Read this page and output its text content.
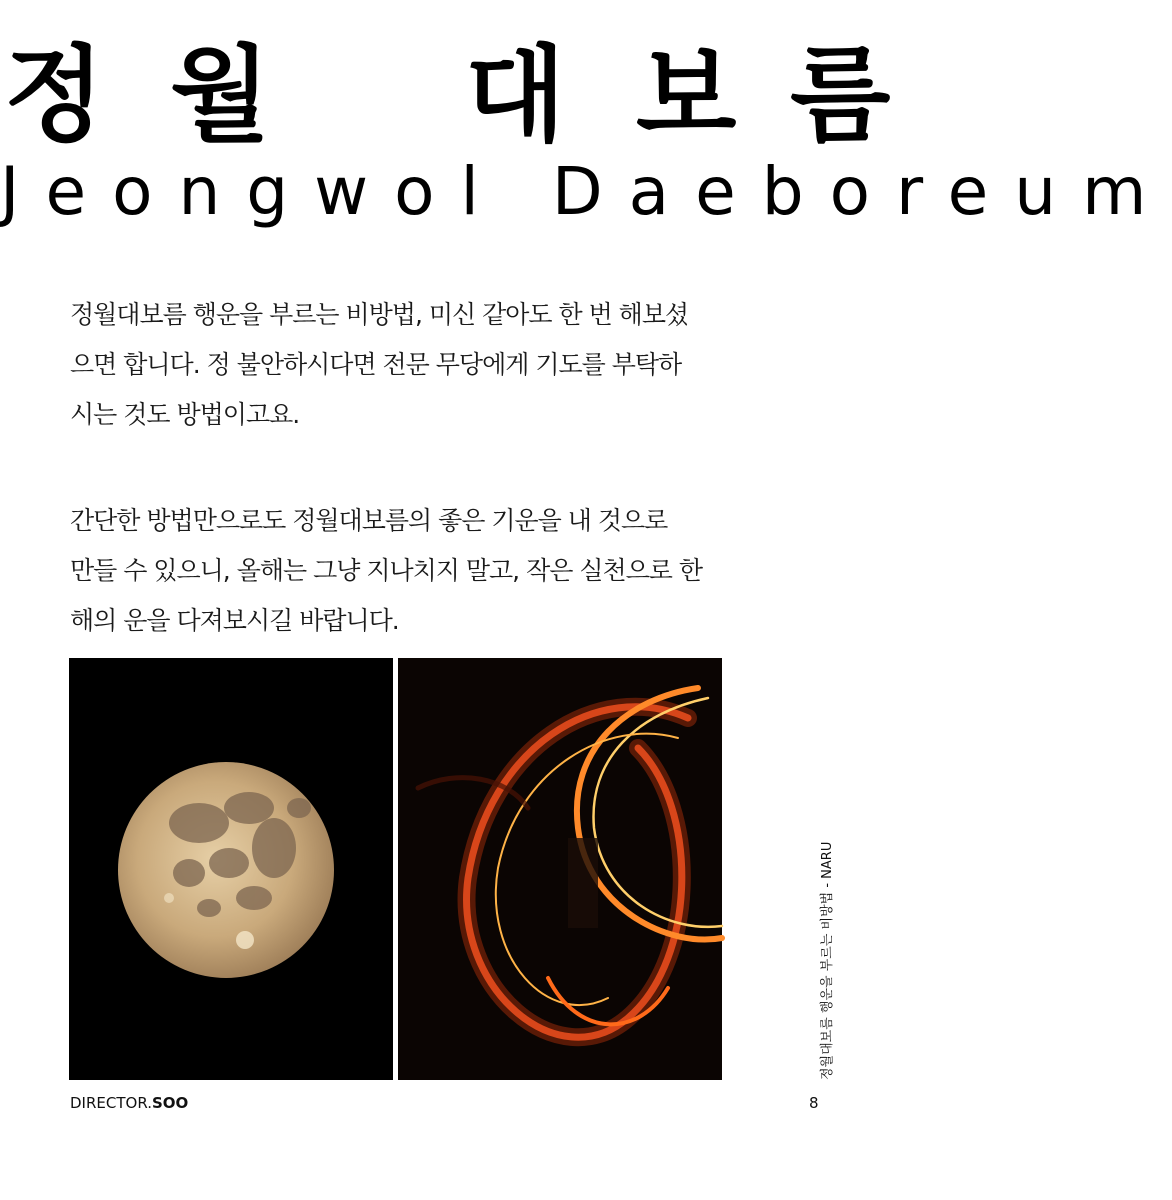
정 월 대 보 름
Jeongwol Daeboreum
정월대보름 행운을 부르는 비방법, 미신 같아도 한 번 해보셨
으면 합니다. 정 불안하시다면 전문 무당에게 기도를 부탁하
시는 것도 방법이고요.
간단한 방법만으로도 정월대보름의 좋은 기운을 내 것으로
만들 수 있으니, 올해는 그냥 지나치지 말고, 작은 실천으로 한
해의 운을 다져보시길 바랍니다.
DIRECTOR.SOO	8
정월대보름 행운을 부르는 비방법 - NARU
